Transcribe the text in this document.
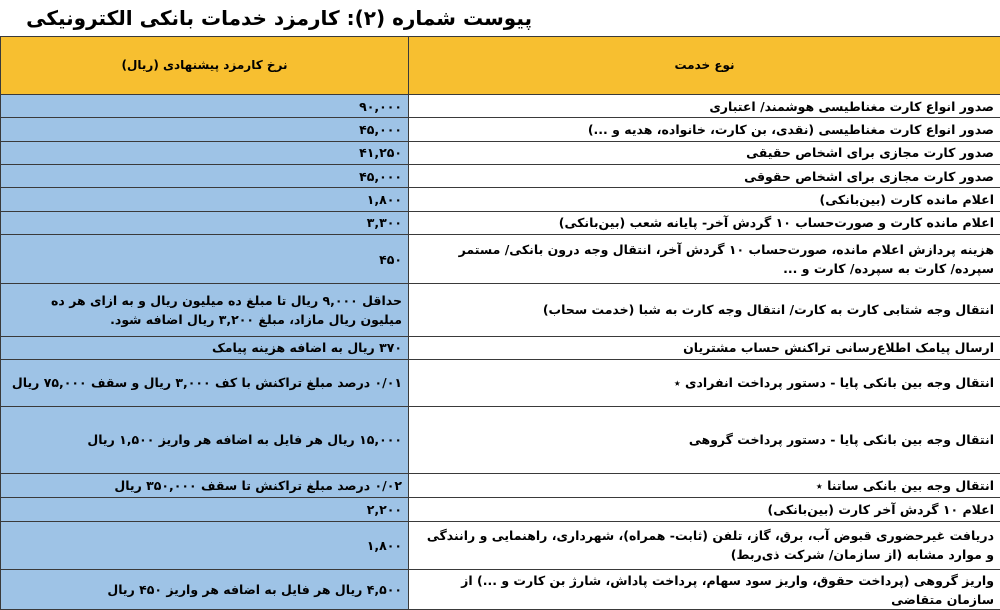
پیوست شماره (۲): کارمزد خدمات بانکی الکترونیکی
نوع خدمت	نرخ کارمزد پیشنهادی (ریال)
صدور انواع کارت مغناطیسی هوشمند/ اعتباری	۹۰,۰۰۰
صدور انواع کارت مغناطیسی (نقدی، بن کارت، خانواده، هدیه و ...)	۴۵,۰۰۰
صدور کارت مجازی برای اشخاص حقیقی	۴۱,۲۵۰
صدور کارت مجازی برای اشخاص حقوقی	۴۵,۰۰۰
اعلام مانده کارت (بین‌بانکی)	۱,۸۰۰
اعلام مانده کارت و صورت‌حساب ۱۰ گردش آخر- پایانه شعب (بین‌بانکی)	۳,۳۰۰
هزینه پردازش اعلام مانده، صورت‌حساب ۱۰ گردش آخر، انتقال وجه درون بانکی/ مستمر سپرده/ کارت به سپرده/ کارت و ...	۴۵۰
انتقال وجه شتابی کارت به کارت/ انتقال وجه کارت به شبا (خدمت سحاب)	حداقل ۹,۰۰۰ ریال تا مبلغ ده میلیون ریال و به ازای هر ده میلیون ریال مازاد، مبلغ ۳,۲۰۰ ریال اضافه شود.
ارسال پیامک اطلاع‌رسانی تراکنش حساب مشتریان	۳۷۰ ریال به اضافه هزینه پیامک
انتقال وجه بین بانکی پایا - دستور پرداخت انفرادی ٭	۰/۰۱ درصد مبلغ تراکنش با کف ۳,۰۰۰ ریال و سقف ۷۵,۰۰۰ ریال
انتقال وجه بین بانکی پایا - دستور پرداخت گروهی	۱۵,۰۰۰ ریال هر فایل به اضافه هر واریز ۱,۵۰۰ ریال
انتقال وجه بین بانکی ساتنا ٭	۰/۰۲ درصد مبلغ تراکنش تا سقف ۳۵۰,۰۰۰ ریال
اعلام ۱۰ گردش آخر کارت (بین‌بانکی)	۲,۲۰۰
دریافت غیرحضوری قبوض آب، برق، گاز، تلفن (ثابت- همراه)، شهرداری، راهنمایی و رانندگی و موارد مشابه (از سازمان/ شرکت ذی‌ربط)	۱,۸۰۰
واریز گروهی (پرداخت حقوق، واریز سود سهام، پرداخت پاداش، شارژ بن کارت و ...) از سازمان متقاضی	۴,۵۰۰ ریال هر فایل به اضافه هر واریز ۴۵۰ ریال
